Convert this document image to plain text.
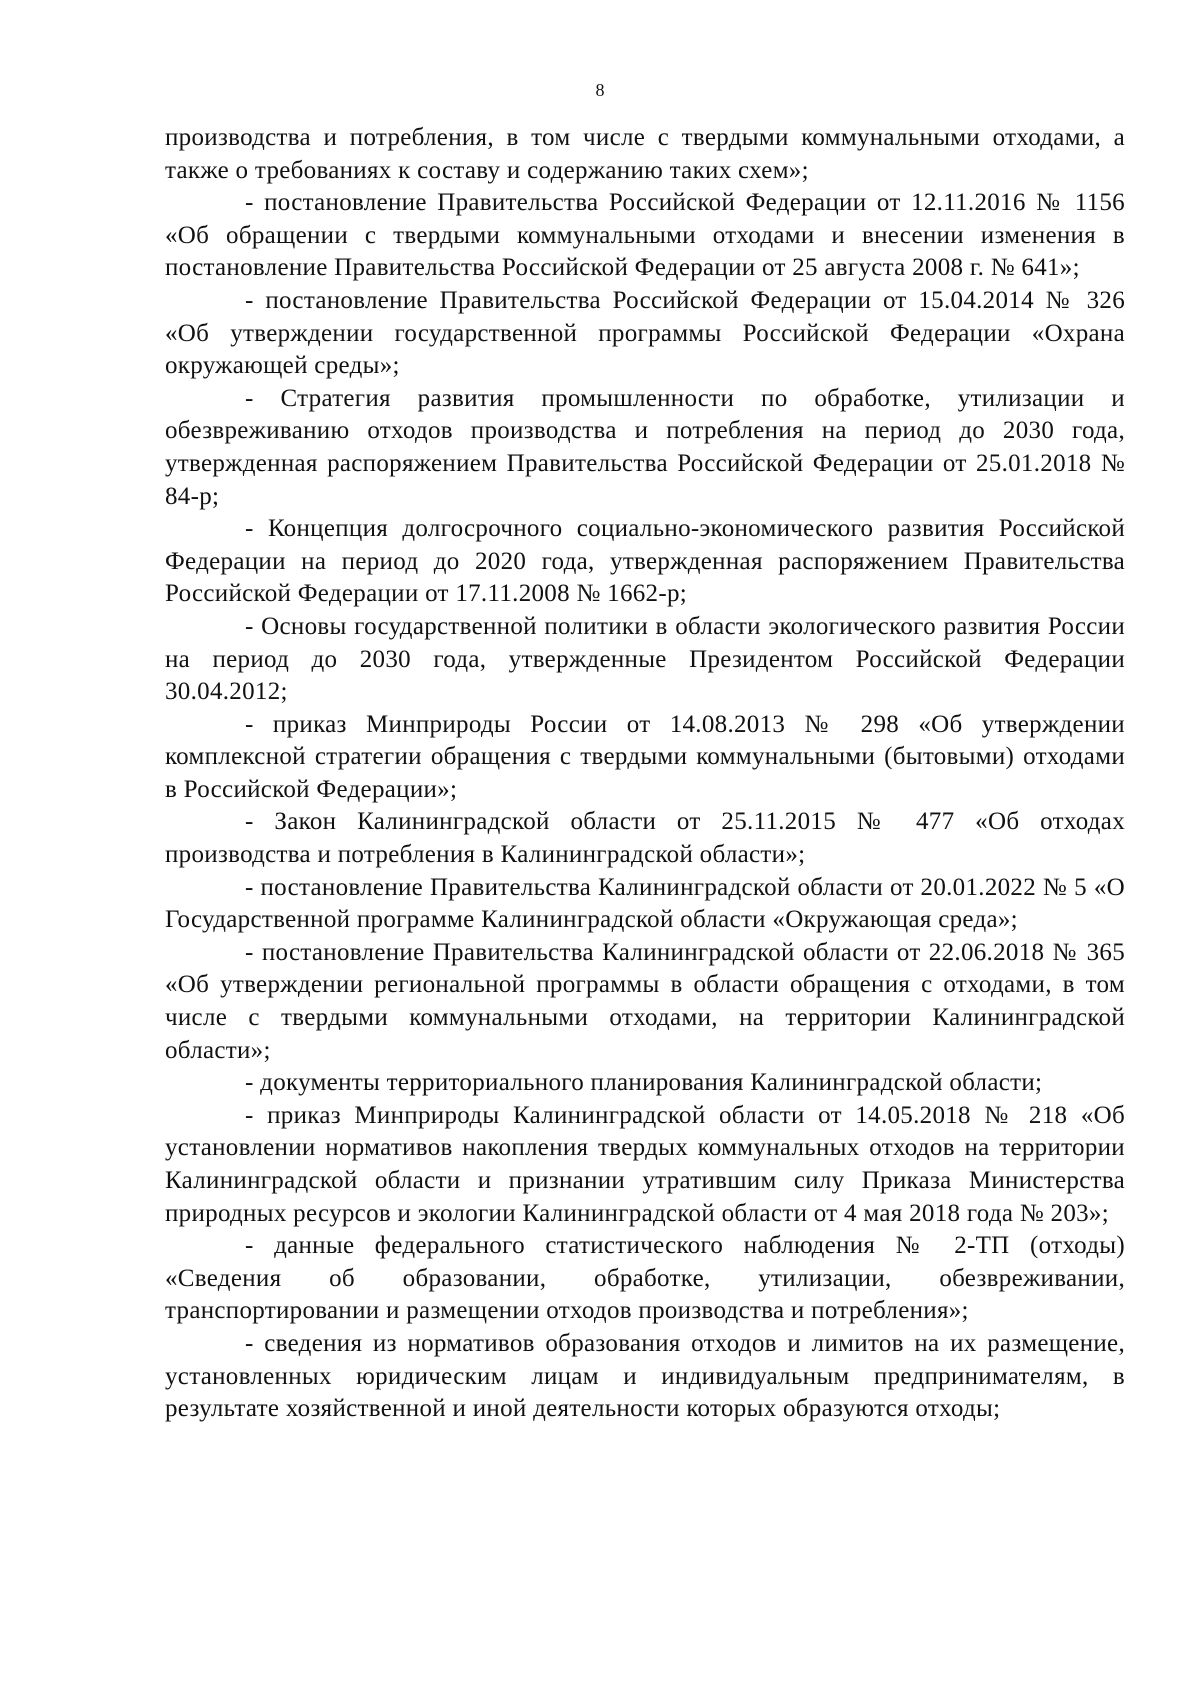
8

производства и потребления, в том числе с твердыми коммунальными отходами, а также о требованиях к составу и содержанию таких схем»;

- постановление Правительства Российской Федерации от 12.11.2016 № 1156 «Об обращении с твердыми коммунальными отходами и внесении изменения в постановление Правительства Российской Федерации от 25 августа 2008 г. № 641»;

- постановление Правительства Российской Федерации от 15.04.2014 № 326 «Об утверждении государственной программы Российской Федерации «Охрана окружающей среды»;

- Стратегия развития промышленности по обработке, утилизации и обезвреживанию отходов производства и потребления на период до 2030 года, утвержденная распоряжением Правительства Российской Федерации от 25.01.2018 № 84-р;

- Концепция долгосрочного социально-экономического развития Российской Федерации на период до 2020 года, утвержденная распоряжением Правительства Российской Федерации от 17.11.2008 № 1662-р;

- Основы государственной политики в области экологического развития России на период до 2030 года, утвержденные Президентом Российской Федерации 30.04.2012;

- приказ Минприроды России от 14.08.2013 № 298 «Об утверждении комплексной стратегии обращения с твердыми коммунальными (бытовыми) отходами в Российской Федерации»;

- Закон Калининградской области от 25.11.2015 № 477 «Об отходах производства и потребления в Калининградской области»;

- постановление Правительства Калининградской области от 20.01.2022 № 5 «О Государственной программе Калининградской области «Окружающая среда»;

- постановление Правительства Калининградской области от 22.06.2018 № 365 «Об утверждении региональной программы в области обращения с отходами, в том числе с твердыми коммунальными отходами, на территории Калининградской области»;

- документы территориального планирования Калининградской области;

- приказ Минприроды Калининградской области от 14.05.2018 № 218 «Об установлении нормативов накопления твердых коммунальных отходов на территории Калининградской области и признании утратившим силу Приказа Министерства природных ресурсов и экологии Калининградской области от 4 мая 2018 года № 203»;

- данные федерального статистического наблюдения № 2-ТП (отходы) «Сведения об образовании, обработке, утилизации, обезвреживании, транспортировании и размещении отходов производства и потребления»;

- сведения из нормативов образования отходов и лимитов на их размещение, установленных юридическим лицам и индивидуальным предпринимателям, в результате хозяйственной и иной деятельности которых образуются отходы;
